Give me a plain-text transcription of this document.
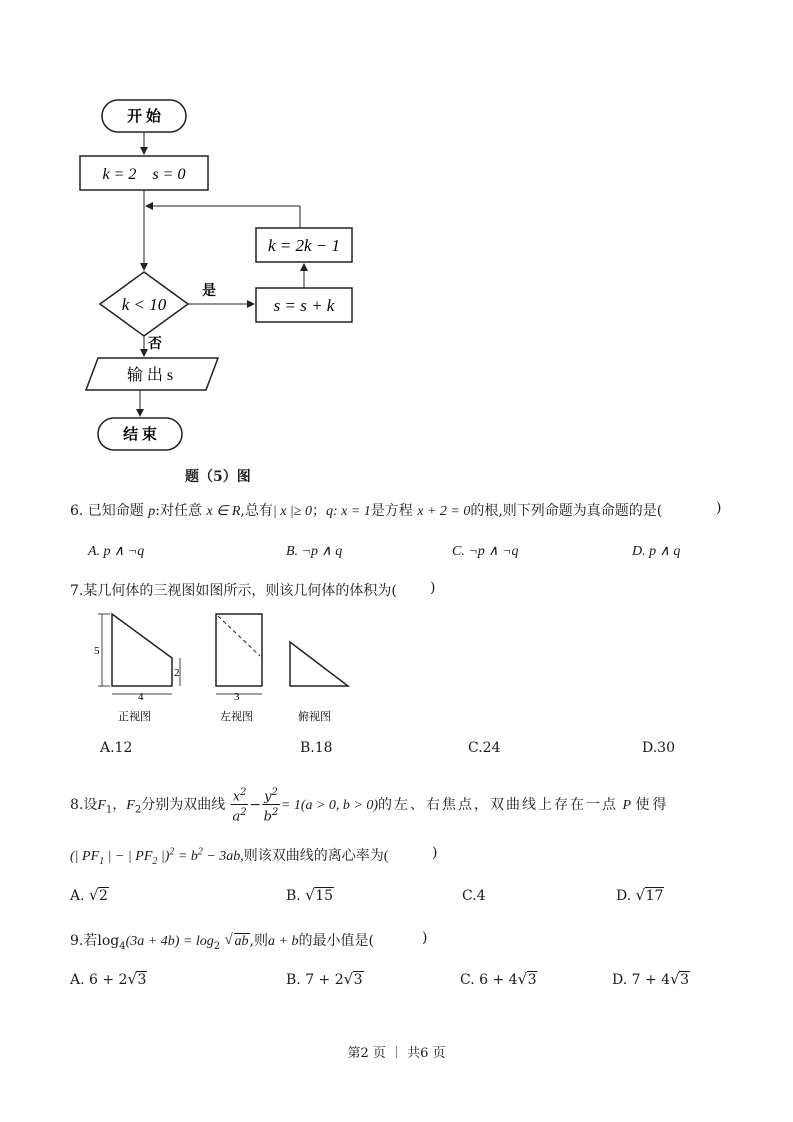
开 始
k = 2    s = 0
k < 10
是
s = s + k
k = 2k − 1
否
输 出 s
结 束
题（5）图
6. 已知命题 p:对任意 x ∈ R,总有| x |≥ 0；q: x = 1是方程 x + 2 = 0的根,则下列命题为真命题的是(	)
A. p ∧ ¬q	B. ¬p ∧ q	C. ¬p ∧ ¬q	D. p ∧ q
7.某几何体的三视图如图所示，则该几何体的体积为( )
5
2
4
正视图
3
左视图	俯视图
A.12	B.18	C.24	D.30
8.设$F_1$，$F_2$分别为双曲线 $\frac{x^2}{a^2} - \frac{y^2}{b^2} = 1(a > 0$, b > 0)的左、右焦点，双曲线上存在一点 P 使得
(| $PF_1$ | − | $PF_2$ $|)^2 = b^2 - 3ab$,则该双曲线的离心率为(	)
A. √ 2	B. √ 15	C.4	D. √ 17
9.若$\log_4(3a + 4b) = \log_2$ √ ab,则a + b的最小值是(	)
A. 6 + 2 √ 3	B. 7 + 2 √ 3	C. 6 + 4 √ 3	D. 7 + 4 √ 3
第2 页 ｜ 共6 页
